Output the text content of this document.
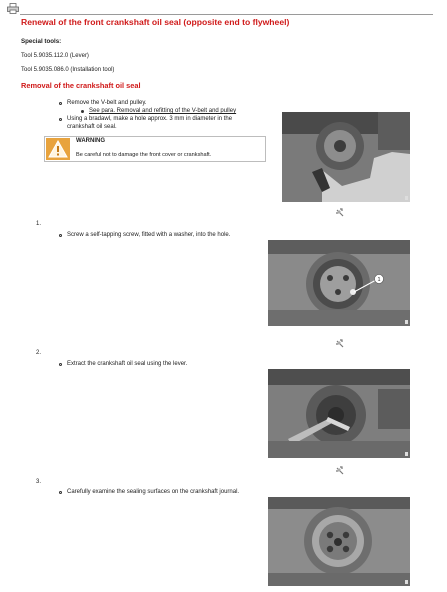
Renewal of the front crankshaft oil seal (opposite end to flywheel)
Special tools:
Tool 5.9035.112.0 (Lever)
Tool 5.9035.086.0 (Installation tool)
Removal of the crankshaft oil seal
Remove the V-belt and pulley.
See para. Removal and refitting of the V-belt and pulley
Using a bradawl, make a hole approx. 3 mm in diameter in the
crankshaft oil seal.
WARNING
Be careful not to damage the front cover or crankshaft.

1.
Screw a self-tapping screw, fitted with a washer, into the hole.
1

2.
Extract the crankshaft oil seal using the lever.

3.
Carefully examine the sealing surfaces on the crankshaft journal.
